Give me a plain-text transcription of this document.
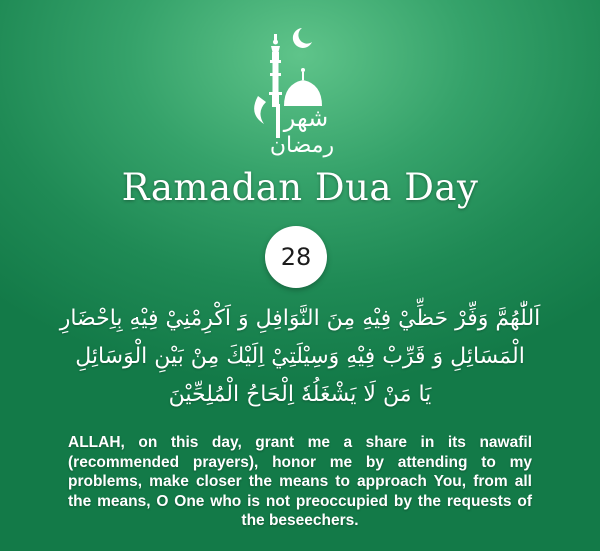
شهر
رمضان
Ramadan Dua Day
28
اَللّٰهُمَّ وَفِّرْ حَظِّيْ فِيْهِ مِنَ النَّوَافِلِ وَ اَكْرِمْنِيْ فِيْهِ بِاِحْضَارِ
الْمَسَائِلِ وَ قَرِّبْ فِيْهِ وَسِيْلَتِيْ اِلَيْكَ مِنْ بَيْنِ الْوَسَائِلِ
يَا مَنْ لَا يَشْغَلُهٗ اِلْحَاحُ الْمُلِحِّيْنَ
ALLAH, on this day, grant me a share in its nawafil (recommended prayers), honor me by attending to my problems, make closer the means to approach You, from all the means, O One who is not preoccupied by the requests of the beseechers.
